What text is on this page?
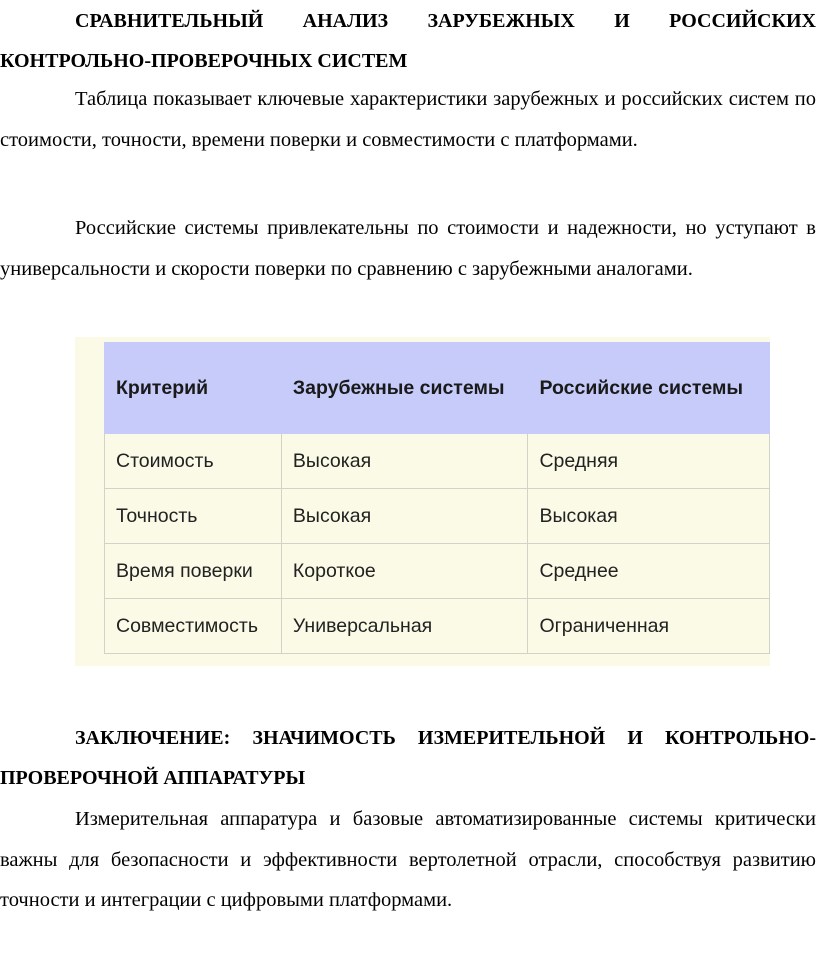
СРАВНИТЕЛЬНЫЙ АНАЛИЗ ЗАРУБЕЖНЫХ И РОССИЙСКИХ КОНТРОЛЬНО-ПРОВЕРОЧНЫХ СИСТЕМ

Таблица показывает ключевые характеристики зарубежных и российских систем по стоимости, точности, времени поверки и совместимости с платформами.

Российские системы привлекательны по стоимости и надежности, но уступают в универсальности и скорости поверки по сравнению с зарубежными аналогами.

Критерий	Зарубежные системы	Российские системы
Стоимость	Высокая	Средняя
Точность	Высокая	Высокая
Время поверки	Короткое	Среднее
Совместимость	Универсальная	Ограниченная
ЗАКЛЮЧЕНИЕ: ЗНАЧИМОСТЬ ИЗМЕРИТЕЛЬНОЙ И КОНТРОЛЬНО-ПРОВЕРОЧНОЙ АППАРАТУРЫ

Измерительная аппаратура и базовые автоматизированные системы критически важны для безопасности и эффективности вертолетной отрасли, способствуя развитию точности и интеграции с цифровыми платформами.
